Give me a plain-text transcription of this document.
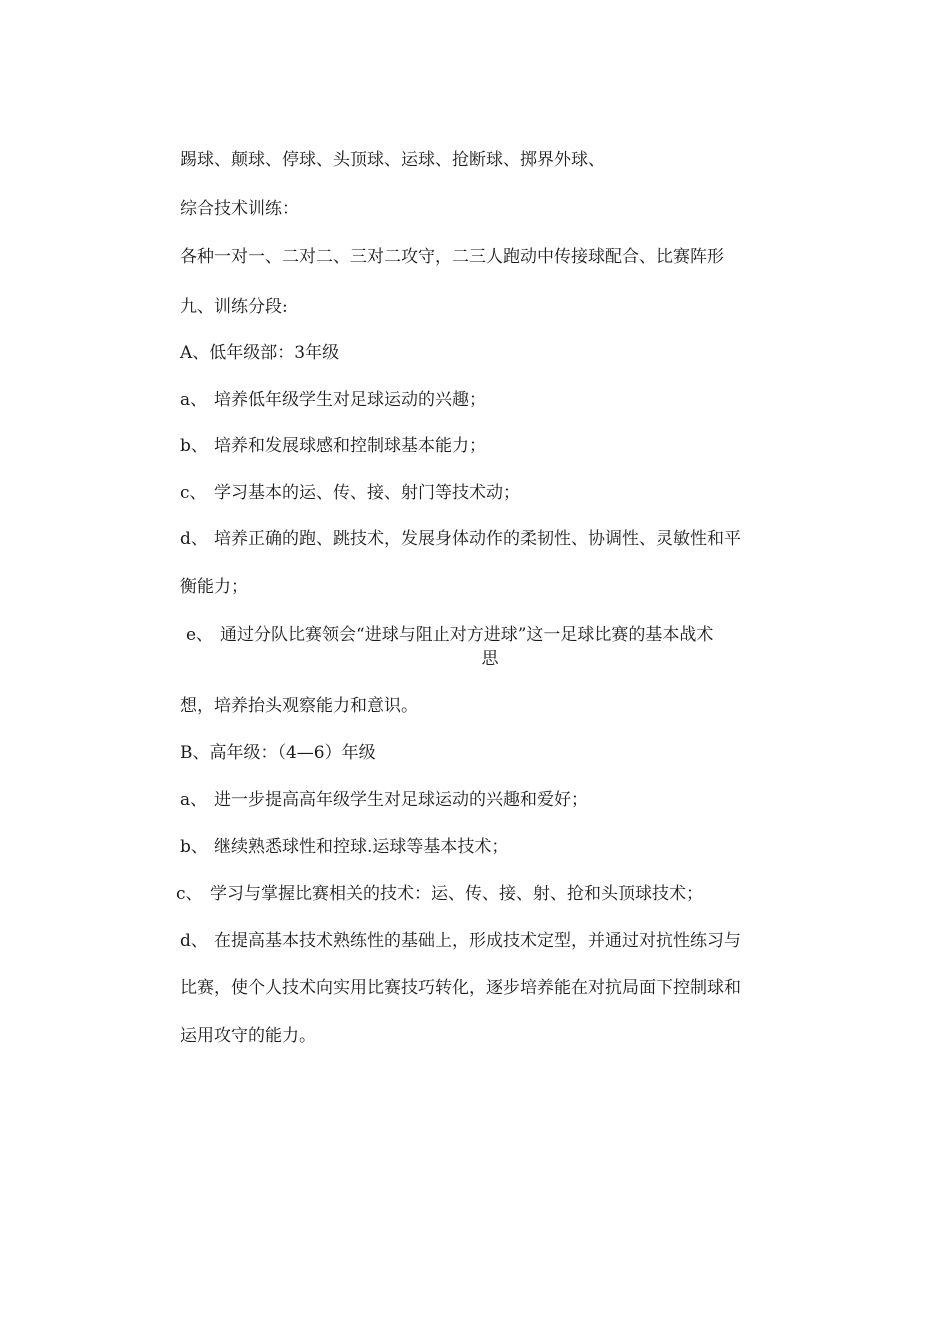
踢球、颠球、停球、头顶球、运球、抢断球、掷界外球、

综合技术训练：

各种一对一、二对二、三对二攻守，二三人跑动中传接球配合、比赛阵形

九、训练分段:

A、低年级部：3年级

a、 培养低年级学生对足球运动的兴趣；

b、 培养和发展球感和控制球基本能力；

c、 学习基本的运、传、接、射门等技术动；

d、 培养正确的跑、跳技术，发展身体动作的柔韧性、协调性、灵敏性和平

衡能力；

e、 通过分队比赛领会“进球与阻止对方进球”这一足球比赛的基本战术

思

想，培养抬头观察能力和意识。

B、高年级：（4—6）年级

a、 进一步提高高年级学生对足球运动的兴趣和爱好；

b、 继续熟悉球性和控球.运球等基本技术；

c、 学习与掌握比赛相关的技术：运、传、接、射、抢和头顶球技术；

d、 在提高基本技术熟练性的基础上，形成技术定型，并通过对抗性练习与

比赛，使个人技术向实用比赛技巧转化，逐步培养能在对抗局面下控制球和

运用攻守的能力。
